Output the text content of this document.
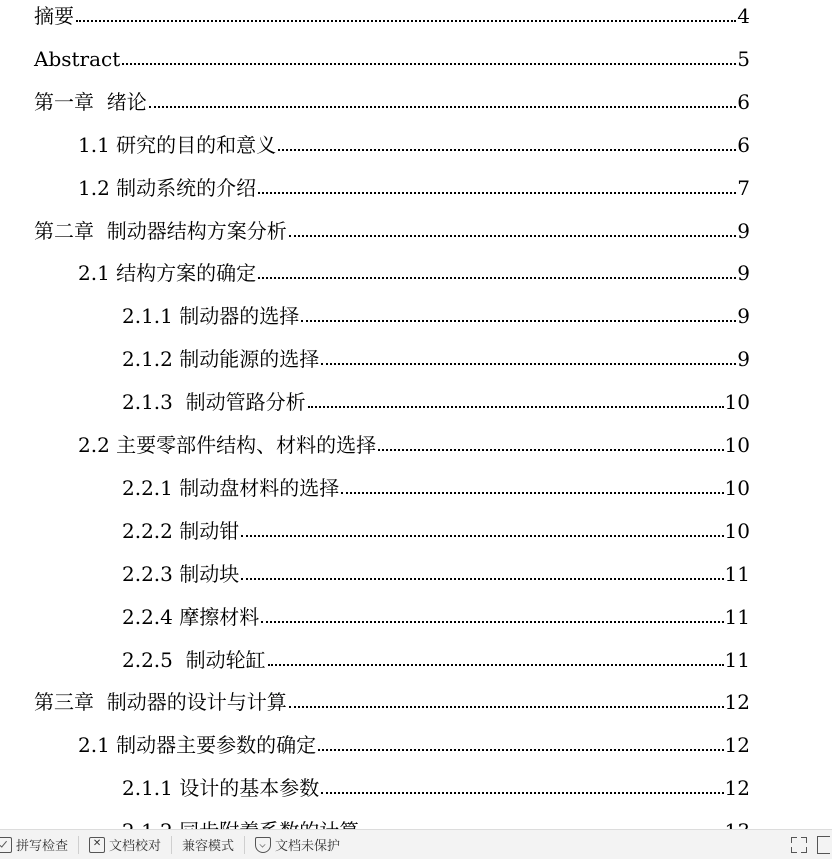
摘要	4
Abstract	5
第一章  绪论	6
1.1 研究的目的和意义	6
1.2 制动系统的介绍	7
第二章  制动器结构方案分析	9
2.1 结构方案的确定	9
2.1.1 制动器的选择	9
2.1.2 制动能源的选择	9
2.1.3  制动管路分析	10
2.2 主要零部件结构、材料的选择	10
2.2.1 制动盘材料的选择	10
2.2.2 制动钳	10
2.2.3 制动块	11
2.2.4 摩擦材料	11
2.2.5  制动轮缸	11
第三章  制动器的设计与计算	12
2.1 制动器主要参数的确定	12
2.1.1 设计的基本参数	12
拼写检查	✕ 文档校对 兼容模式	文档未保护
